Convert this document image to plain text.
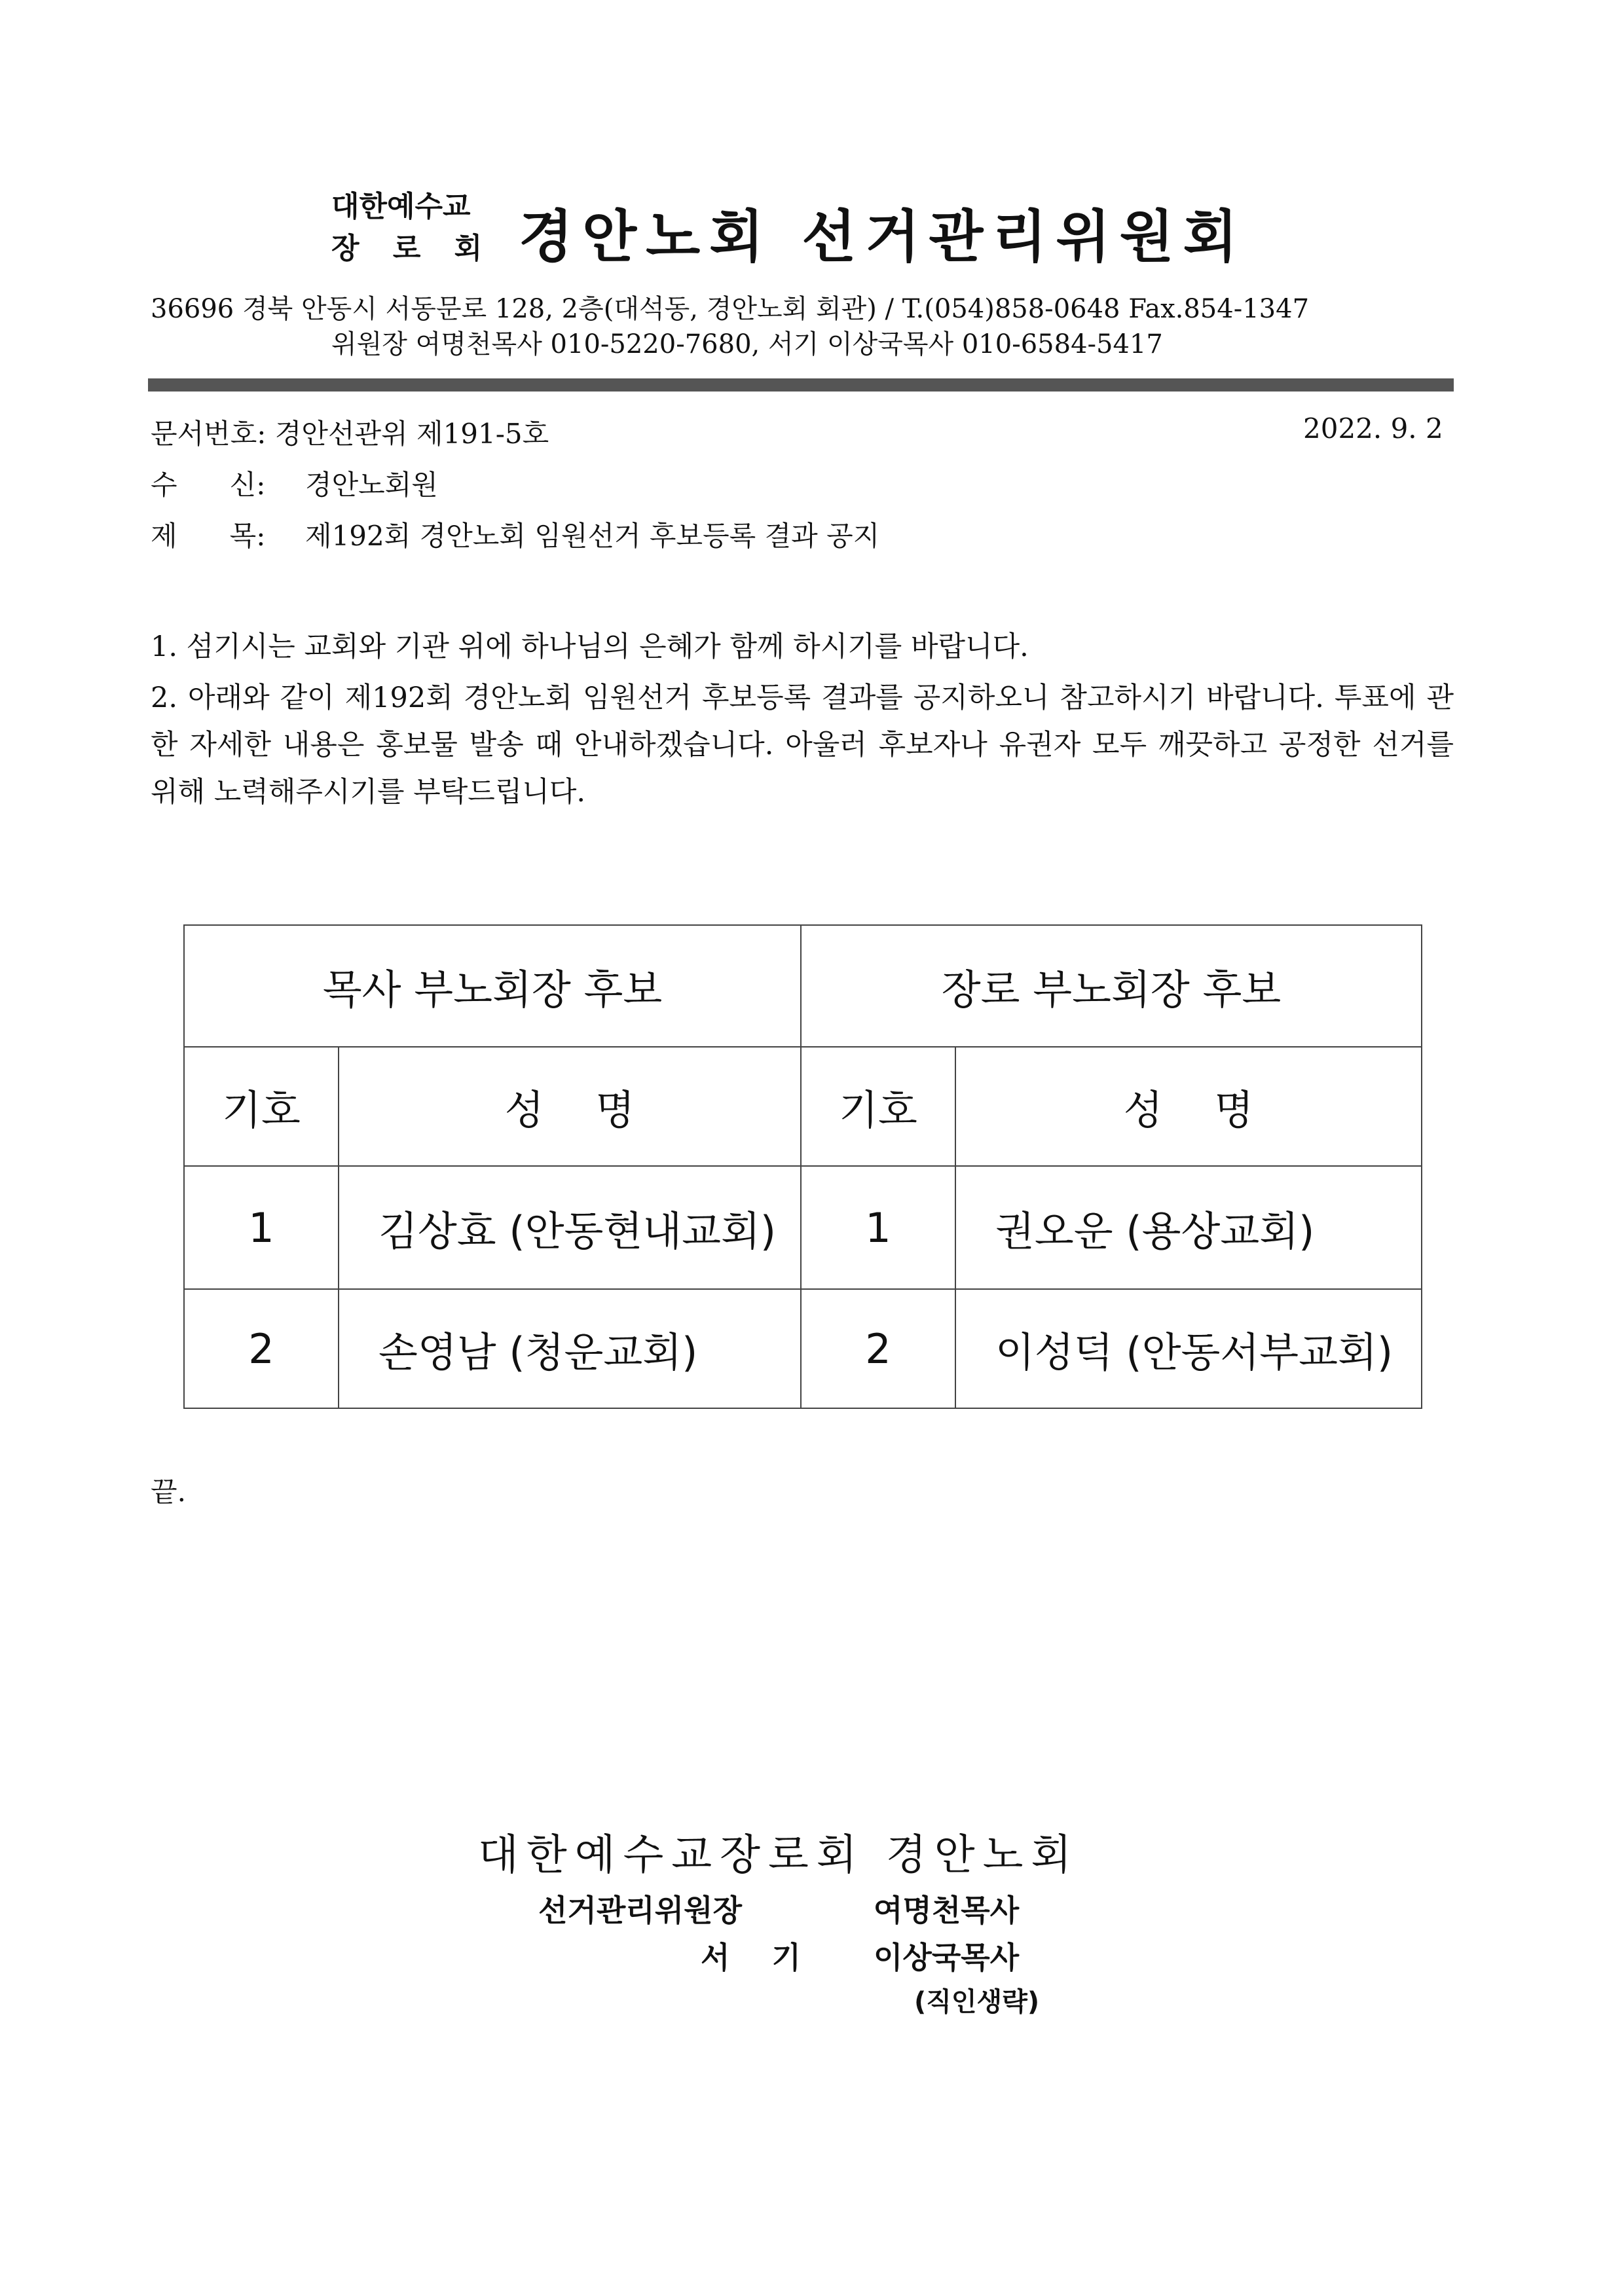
대한예수교
장 로 회 경안노회 선거관리위원회
36696 경북 안동시 서동문로 128, 2층(대석동, 경안노회 회관) / T.(054)858-0648 Fax.854-1347
위원장 여명천목사 010-5220-7680, 서기 이상국목사 010-6584-5417
문서번호: 경안선관위 제191-5호	2022. 9. 2
수      신: 경안노회원
제      목: 제192회 경안노회 임원선거 후보등록 결과 공지
1. 섬기시는 교회와 기관 위에 하나님의 은혜가 함께 하시기를 바랍니다.
2. 아래와 같이 제192회 경안노회 임원선거 후보등록 결과를 공지하오니 참고하시기 바랍니다. 투표에 관한 자세한 내용은 홍보물 발송 때 안내하겠습니다. 아울러 후보자나 유권자 모두 깨끗하고 공정한 선거를 위해 노력해주시기를 부탁드립니다.
목사 부노회장 후보		장로 부노회장 후보	
기호	성    명	기호	성    명
1	김상효 (안동현내교회)	1	권오운 (용상교회)
2	손영남 (청운교회)	2	이성덕 (안동서부교회)
끝.
대한예수교장로회 경안노회
선거관리위원장	여명천목사
서    기 이상국목사
(직인생략)
